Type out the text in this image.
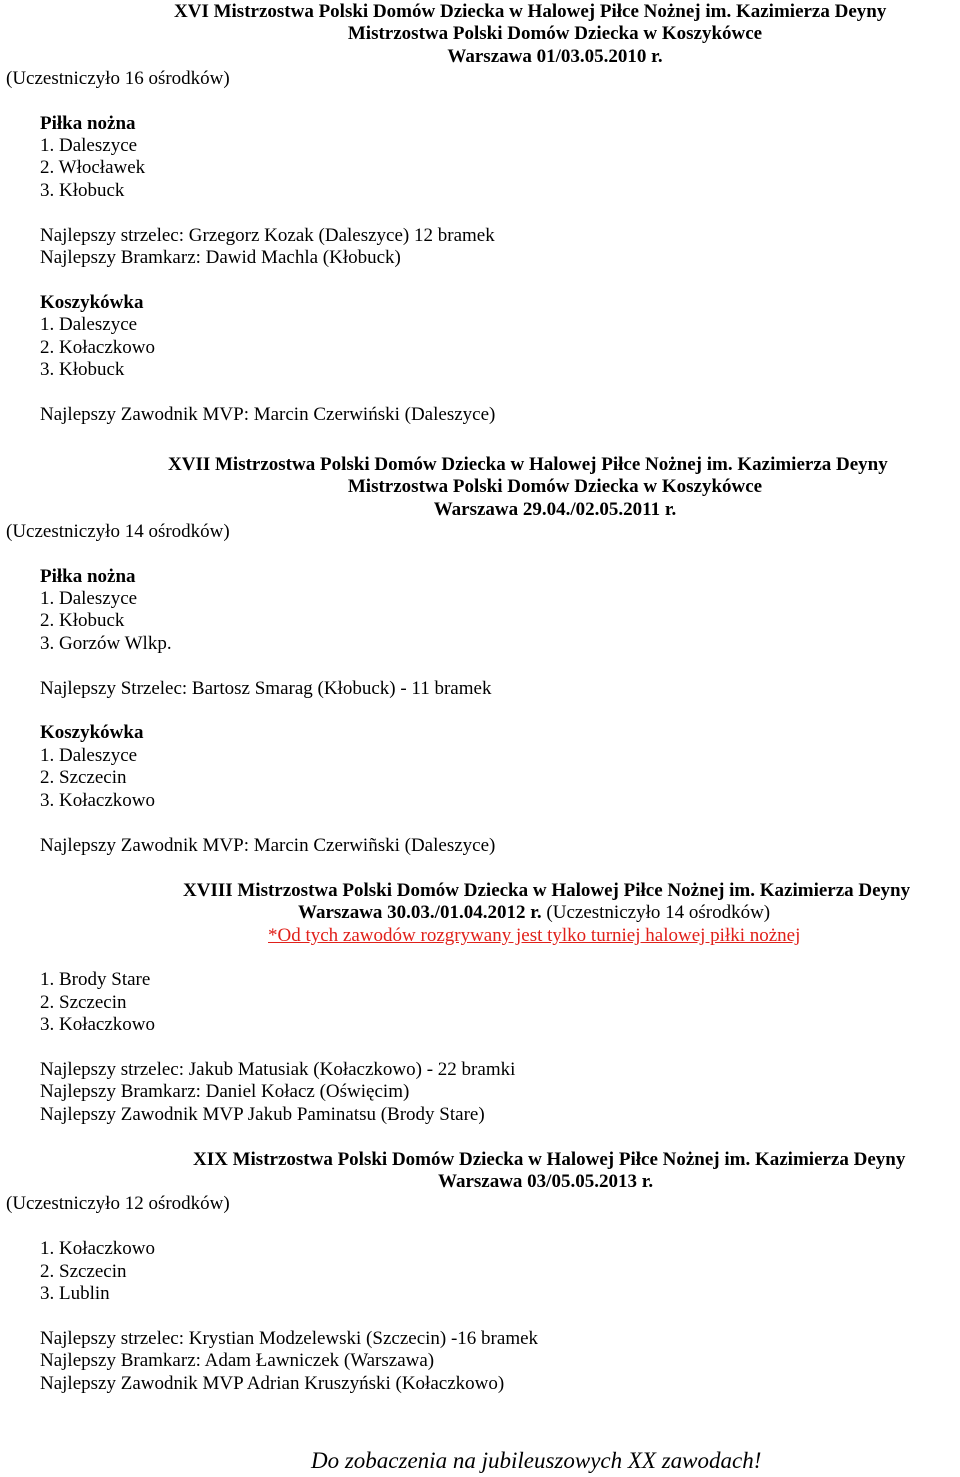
XVI Mistrzostwa Polski Domów Dziecka w Halowej Piłce Nożnej im. Kazimierza Deyny
Mistrzostwa Polski Domów Dziecka w Koszykówce
Warszawa 01/03.05.2010 r.
(Uczestniczyło 16 ośrodków)
Piłka nożna
1. Daleszyce
2. Włocławek
3. Kłobuck
Najlepszy strzelec: Grzegorz Kozak (Daleszyce) 12 bramek
Najlepszy Bramkarz: Dawid Machla (Kłobuck)
Koszykówka
1. Daleszyce
2. Kołaczkowo
3. Kłobuck
Najlepszy Zawodnik MVP: Marcin Czerwiński (Daleszyce)
XVII Mistrzostwa Polski Domów Dziecka w Halowej Piłce Nożnej im. Kazimierza Deyny
Mistrzostwa Polski Domów Dziecka w Koszykówce
Warszawa 29.04./02.05.2011 r.
(Uczestniczyło 14 ośrodków)
Piłka nożna
1. Daleszyce
2. Kłobuck
3. Gorzów Wlkp.
Najlepszy Strzelec: Bartosz Smarag (Kłobuck) - 11 bramek
Koszykówka
1. Daleszyce
2. Szczecin
3. Kołaczkowo
Najlepszy Zawodnik MVP: Marcin Czerwiñski (Daleszyce)
XVIII Mistrzostwa Polski Domów Dziecka w Halowej Piłce Nożnej im. Kazimierza Deyny
Warszawa 30.03./01.04.2012 r. (Uczestniczyło 14 ośrodków)
*Od tych zawodów rozgrywany jest tylko turniej halowej piłki nożnej
1. Brody Stare
2. Szczecin
3. Kołaczkowo
Najlepszy strzelec: Jakub Matusiak (Kołaczkowo) - 22 bramki
Najlepszy Bramkarz: Daniel Kołacz (Oświęcim)
Najlepszy Zawodnik MVP Jakub Paminatsu (Brody Stare)
XIX Mistrzostwa Polski Domów Dziecka w Halowej Piłce Nożnej im. Kazimierza Deyny
Warszawa 03/05.05.2013 r.
(Uczestniczyło 12 ośrodków)
1. Kołaczkowo
2. Szczecin
3. Lublin
Najlepszy strzelec: Krystian Modzelewski (Szczecin) -16 bramek
Najlepszy Bramkarz: Adam Ławniczek (Warszawa)
Najlepszy Zawodnik MVP Adrian Kruszyński (Kołaczkowo)
Do zobaczenia na jubileuszowych XX zawodach!
